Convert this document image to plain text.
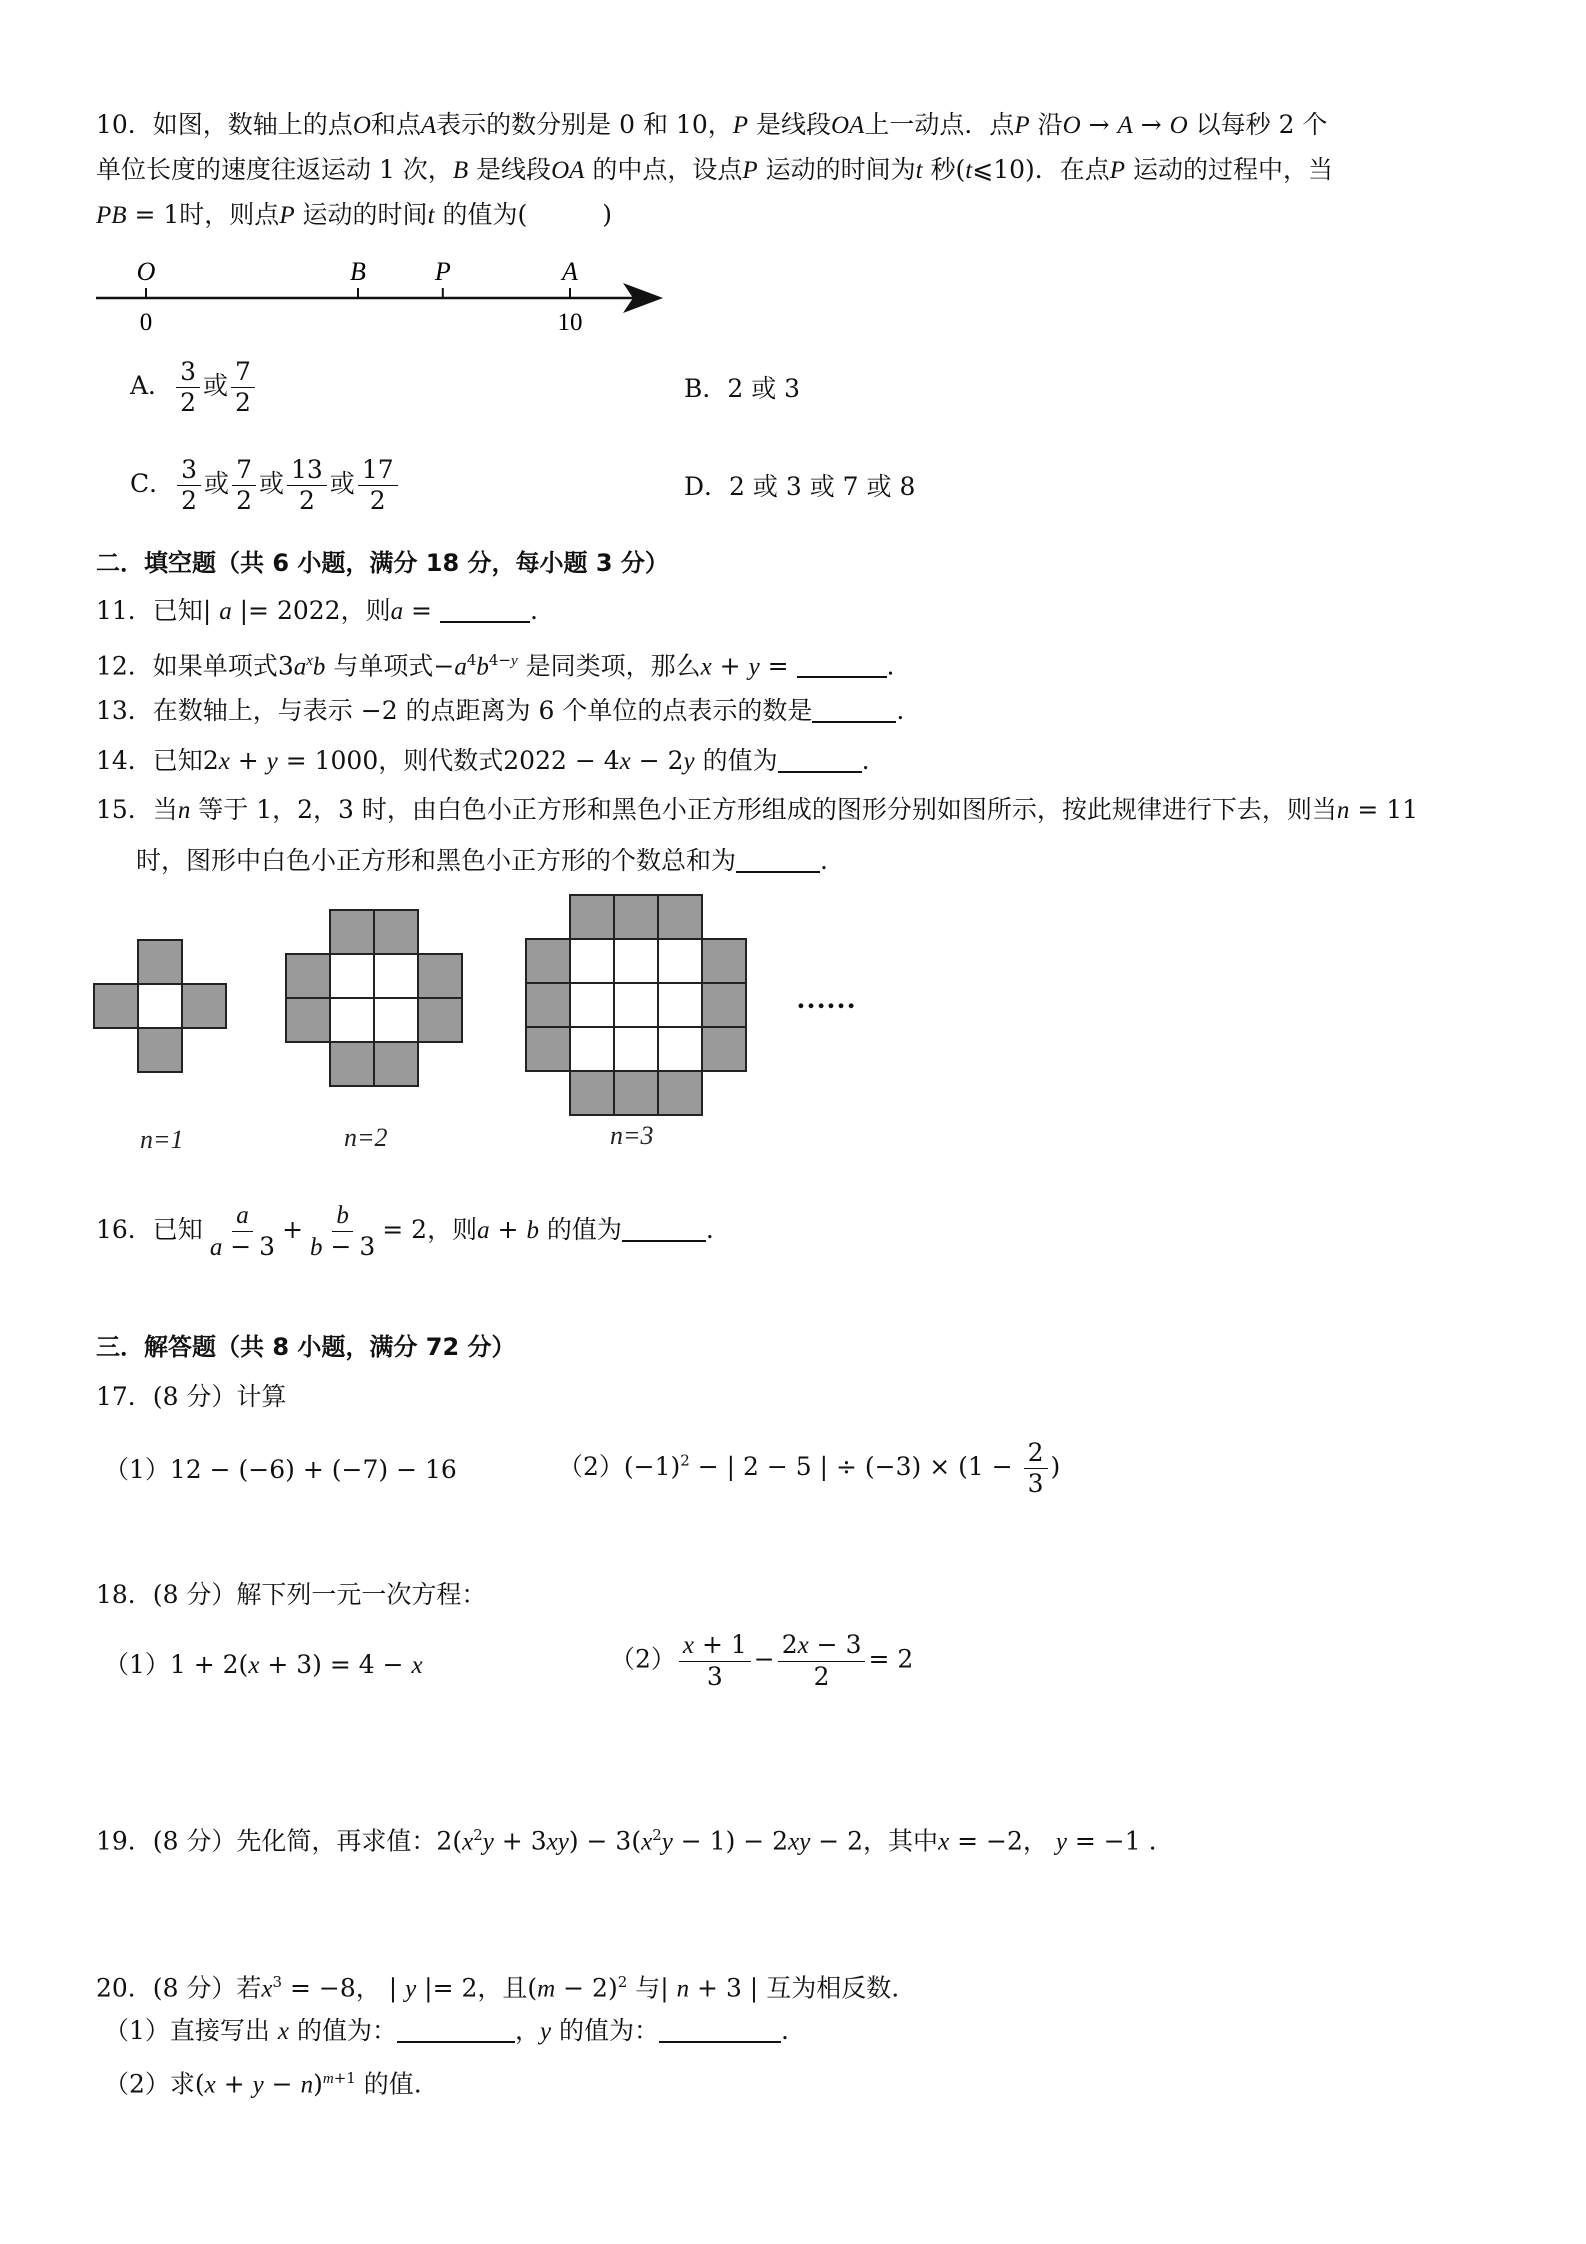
10．如图，数轴上的点O和点A表示的数分别是 0 和 10，P 是线段OA上一动点．点P 沿O → A → O 以每秒 2 个
单位长度的速度往返运动 1 次，B 是线段OA 的中点，设点P 运动的时间为t 秒(t⩽10)．在点P 运动的过程中，当
PB = 1时，则点P 运动的时间t 的值为(　　　)
O
0
B	P	A
10
A． $\frac{3}{2}$ 或 $\frac{7}{2}$	B．2 或 3
C． $\frac{3}{2}$ 或 $\frac{7}{2}$ 或 $\frac{13}{2}$ 或 $\frac{17}{2}$	D．2 或 3 或 7 或 8
二．填空题（共 6 小题，满分 18 分，每小题 3 分）
11．已知| a |= 2022，则a =	.
12．如果单项式$3a^xb$ 与单项式$-a^4b^{4-y}$ 是同类项，那么x + y =	.
13．在数轴上，与表示 −2 的点距离为 6 个单位的点表示的数是	.
14．已知2x + y = 1000，则代数式2022 − 4x − 2y 的值为	.
15．当n 等于 1，2，3 时，由白色小正方形和黑色小正方形组成的图形分别如图所示，按此规律进行下去，则当n = 11
时，图形中白色小正方形和黑色小正方形的个数总和为	.
……
n=1	n=2	n=3
16．已知 $\frac{a}{a - 3} + \frac{b}{b - 3} = 2$，则a + b 的值为	.
三．解答题（共 8 小题，满分 72 分）
17．(8 分）计算
（1）12 − (−6) + (−7) − 16	$(2)(-1)^2$ − | 2 − 5 | ÷ $(-3) \times (1 - \frac{2}{3}$ )
18．(8 分）解下列一元一次方程：
（1）1 + 2(x + 3) = 4 − x	$(2) \frac{x + 1}{3} - \frac{2x - 3}{2} = 2$
19．(8 分）先化简，再求值：$2(x^2y + 3xy) - 3(x^2y - 1) - 2xy - 2$，其中x = −2， y = −1 .
20．(8 分）若$x^3 = -8$， | y |= 2，且$(m - 2)^2$ 与| n + 3 | 互为相反数.
（1）直接写出 x 的值为：	，y 的值为：	.
（2）求$(x + y - n)^{m+1}$ 的值.
